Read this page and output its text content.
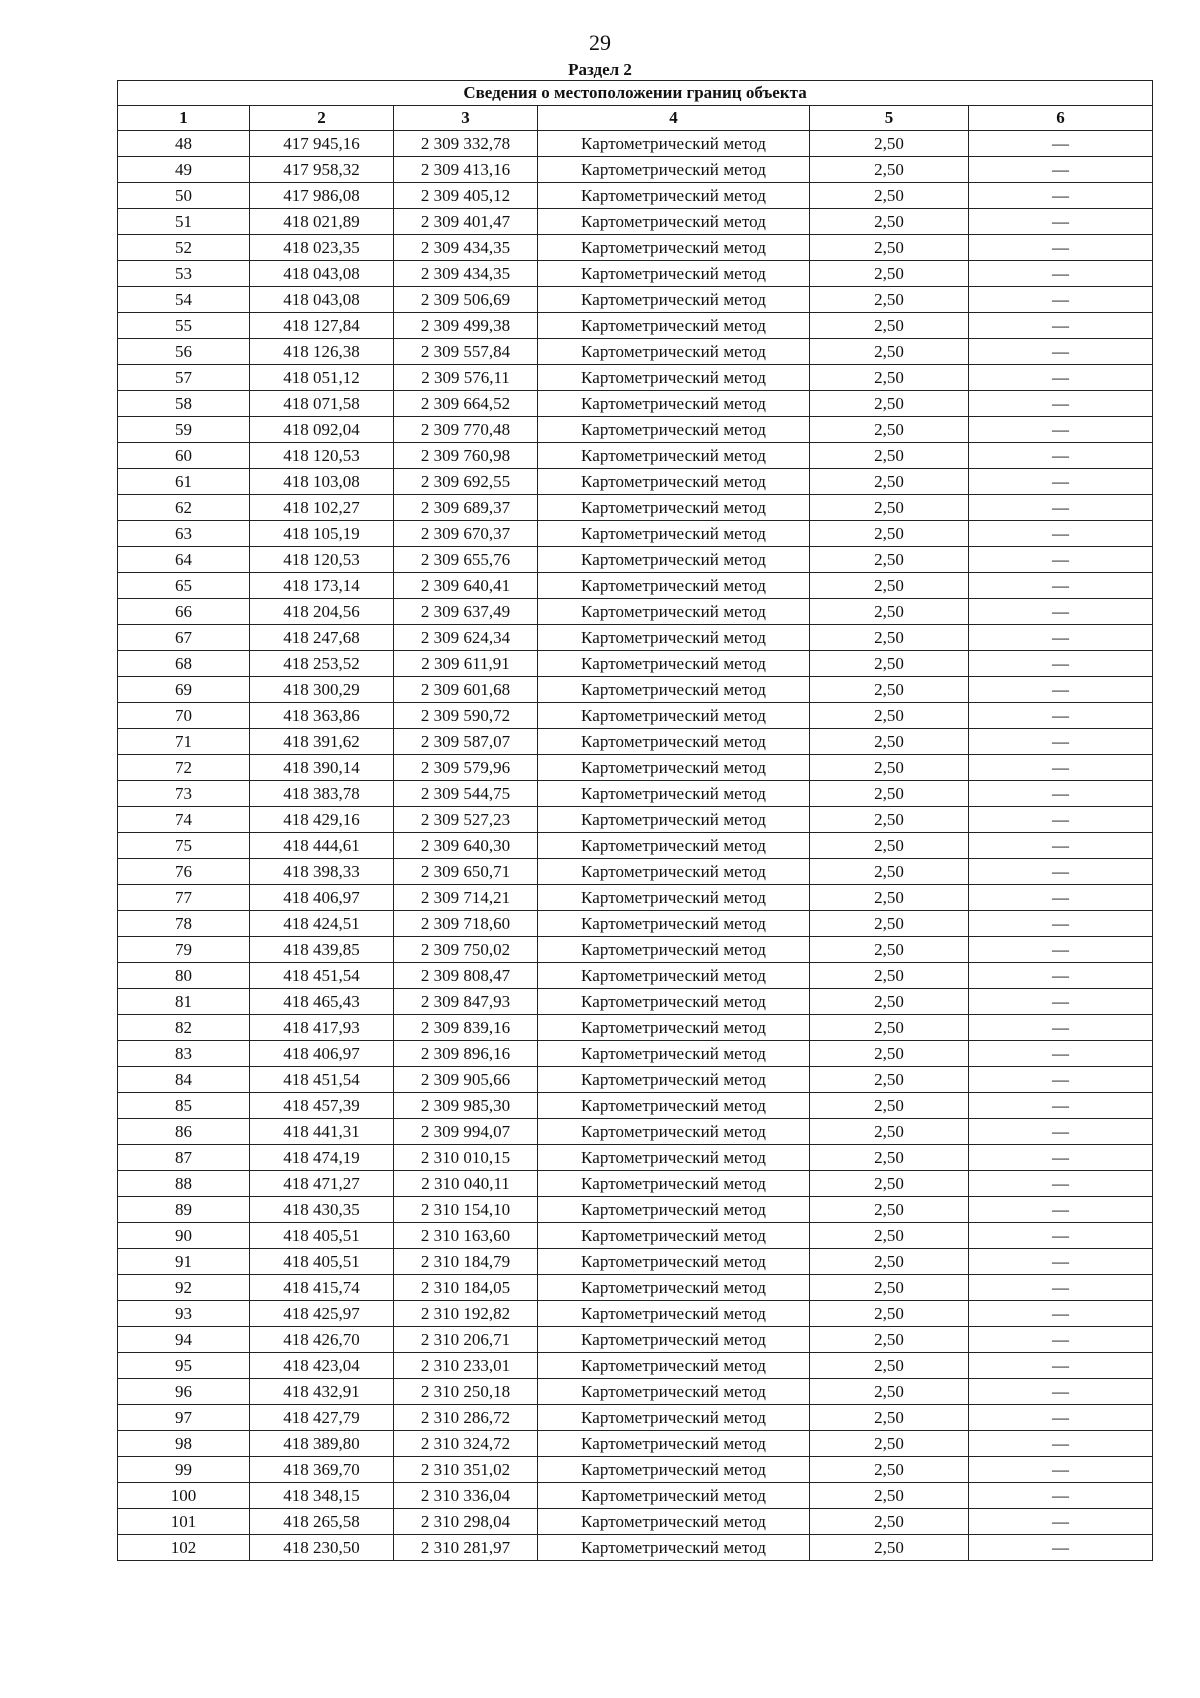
29
Раздел 2
Сведения о местоположении границ объекта					
1	2	3	4	5	6
48	417 945,16	2 309 332,78	Картометрический метод	2,50	—
49	417 958,32	2 309 413,16	Картометрический метод	2,50	—
50	417 986,08	2 309 405,12	Картометрический метод	2,50	—
51	418 021,89	2 309 401,47	Картометрический метод	2,50	—
52	418 023,35	2 309 434,35	Картометрический метод	2,50	—
53	418 043,08	2 309 434,35	Картометрический метод	2,50	—
54	418 043,08	2 309 506,69	Картометрический метод	2,50	—
55	418 127,84	2 309 499,38	Картометрический метод	2,50	—
56	418 126,38	2 309 557,84	Картометрический метод	2,50	—
57	418 051,12	2 309 576,11	Картометрический метод	2,50	—
58	418 071,58	2 309 664,52	Картометрический метод	2,50	—
59	418 092,04	2 309 770,48	Картометрический метод	2,50	—
60	418 120,53	2 309 760,98	Картометрический метод	2,50	—
61	418 103,08	2 309 692,55	Картометрический метод	2,50	—
62	418 102,27	2 309 689,37	Картометрический метод	2,50	—
63	418 105,19	2 309 670,37	Картометрический метод	2,50	—
64	418 120,53	2 309 655,76	Картометрический метод	2,50	—
65	418 173,14	2 309 640,41	Картометрический метод	2,50	—
66	418 204,56	2 309 637,49	Картометрический метод	2,50	—
67	418 247,68	2 309 624,34	Картометрический метод	2,50	—
68	418 253,52	2 309 611,91	Картометрический метод	2,50	—
69	418 300,29	2 309 601,68	Картометрический метод	2,50	—
70	418 363,86	2 309 590,72	Картометрический метод	2,50	—
71	418 391,62	2 309 587,07	Картометрический метод	2,50	—
72	418 390,14	2 309 579,96	Картометрический метод	2,50	—
73	418 383,78	2 309 544,75	Картометрический метод	2,50	—
74	418 429,16	2 309 527,23	Картометрический метод	2,50	—
75	418 444,61	2 309 640,30	Картометрический метод	2,50	—
76	418 398,33	2 309 650,71	Картометрический метод	2,50	—
77	418 406,97	2 309 714,21	Картометрический метод	2,50	—
78	418 424,51	2 309 718,60	Картометрический метод	2,50	—
79	418 439,85	2 309 750,02	Картометрический метод	2,50	—
80	418 451,54	2 309 808,47	Картометрический метод	2,50	—
81	418 465,43	2 309 847,93	Картометрический метод	2,50	—
82	418 417,93	2 309 839,16	Картометрический метод	2,50	—
83	418 406,97	2 309 896,16	Картометрический метод	2,50	—
84	418 451,54	2 309 905,66	Картометрический метод	2,50	—
85	418 457,39	2 309 985,30	Картометрический метод	2,50	—
86	418 441,31	2 309 994,07	Картометрический метод	2,50	—
87	418 474,19	2 310 010,15	Картометрический метод	2,50	—
88	418 471,27	2 310 040,11	Картометрический метод	2,50	—
89	418 430,35	2 310 154,10	Картометрический метод	2,50	—
90	418 405,51	2 310 163,60	Картометрический метод	2,50	—
91	418 405,51	2 310 184,79	Картометрический метод	2,50	—
92	418 415,74	2 310 184,05	Картометрический метод	2,50	—
93	418 425,97	2 310 192,82	Картометрический метод	2,50	—
94	418 426,70	2 310 206,71	Картометрический метод	2,50	—
95	418 423,04	2 310 233,01	Картометрический метод	2,50	—
96	418 432,91	2 310 250,18	Картометрический метод	2,50	—
97	418 427,79	2 310 286,72	Картометрический метод	2,50	—
98	418 389,80	2 310 324,72	Картометрический метод	2,50	—
99	418 369,70	2 310 351,02	Картометрический метод	2,50	—
100	418 348,15	2 310 336,04	Картометрический метод	2,50	—
101	418 265,58	2 310 298,04	Картометрический метод	2,50	—
102	418 230,50	2 310 281,97	Картометрический метод	2,50	—
